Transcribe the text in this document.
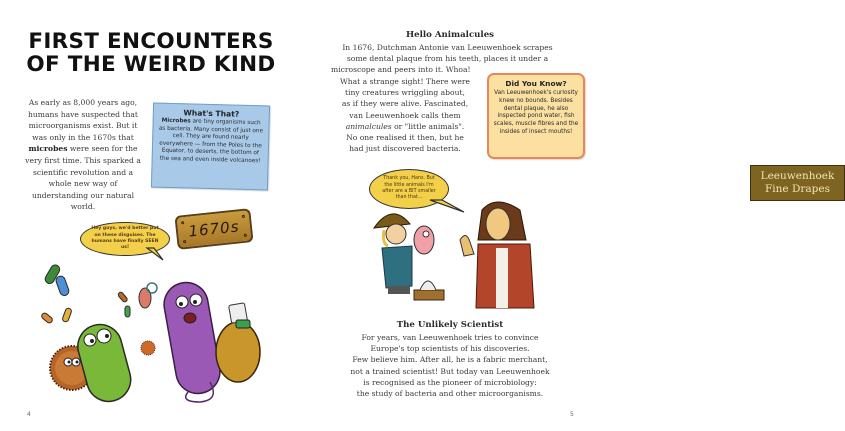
FIRST ENCOUNTERS
OF THE WEIRD KIND

As early as 8,000 years ago, humans have suspected that microorganisms exist. But it was only in the 1670s that microbes were seen for the very first time. This sparked a scientific revolution and a whole new way of understanding our natural world.

What's That?
Microbes are tiny organisms such as bacteria. Many consist of just one cell. They are found nearly everywhere — from the Poles to the Equator, to deserts, the bottom of the sea and even inside volcanoes!
Hey guys, we'd better put on these disguises. The humans have finally SEEN us!
1670s
4
Hello Animalcules
In 1676, Dutchman Antonie van Leeuwenhoek scrapes
some dental plaque from his teeth, places it under a
microscope and peers into it. Whoa!
What a strange sight! There were
tiny creatures wriggling about,
as if they were alive. Fascinated,
van Leeuwenhoek calls them
animalcules or "little animals".
No one realised it then, but he
had just discovered bacteria.
Thank you, Hans. But the little animals I'm after are a BIT smaller than that...
Leeuwenhoek
Fine Drapes
Did You Know?
Van Leeuwenhoek's curiosity knew no bounds. Besides dental plaque, he also inspected pond water, fish scales, muscle fibres and the insides of insect mouths!
The Unlikely Scientist
For years, van Leeuwenhoek tries to convince
Europe's top scientists of his discoveries.
Few believe him. After all, he is a fabric merchant,
not a trained scientist! But today van Leeuwenhoek
is recognised as the pioneer of microbiology:
the study of bacteria and other microorganisms.
5
